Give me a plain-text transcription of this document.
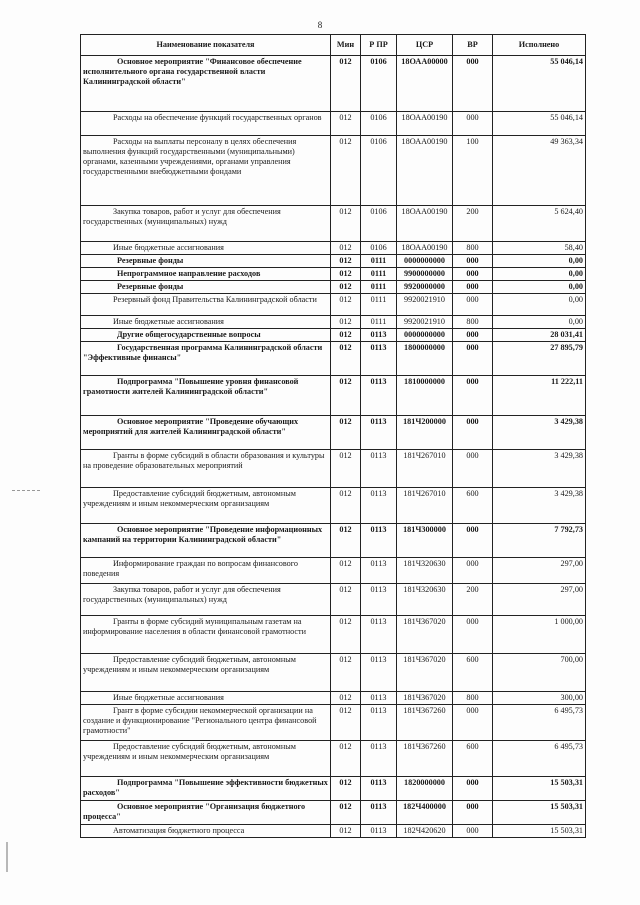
8
Наименование показателя	Мин	Р ПР	ЦСР	ВР	Исполнено
Основное мероприятие "Финансовое обеспечение исполнительного органа государственной власти Калининградской области"	012	0106	18ОАА00000	000	55 046,14
Расходы на обеспечение функций государственных органов	012	0106	18ОАА00190	000	55 046,14
Расходы на выплаты персоналу в целях обеспечения выполнения функций государственными (муниципальными) органами, казенными учреждениями, органами управления государственными внебюджетными фондами	012	0106	18ОАА00190	100	49 363,34
Закупка товаров, работ и услуг для обеспечения государственных (муниципальных) нужд	012	0106	18ОАА00190	200	5 624,40
Иные бюджетные ассигнования	012	0106	18ОАА00190	800	58,40
Резервные фонды	012	0111	0000000000	000	0,00
Непрограммное направление расходов	012	0111	9900000000	000	0,00
Резервные фонды	012	0111	9920000000	000	0,00
Резервный фонд Правительства Калининградской области	012	0111	9920021910	000	0,00
Иные бюджетные ассигнования	012	0111	9920021910	800	0,00
Другие общегосударственные вопросы	012	0113	0000000000	000	28 031,41
Государственная программа Калининградской области "Эффективные финансы"	012	0113	1800000000	000	27 895,79
Подпрограмма "Повышение уровня финансовой грамотности жителей Калининградской области"	012	0113	1810000000	000	11 222,11
Основное мероприятие "Проведение обучающих мероприятий для жителей Калининградской области"	012	0113	181Ч200000	000	3 429,38
Гранты в форме субсидий в области образования и культуры на проведение образовательных мероприятий	012	0113	181Ч267010	000	3 429,38
Предоставление субсидий бюджетным, автономным учреждениям и иным некоммерческим организациям	012	0113	181Ч267010	600	3 429,38
Основное мероприятие "Проведение информационных кампаний на территории Калининградской области"	012	0113	181Ч300000	000	7 792,73
Информирование граждан по вопросам финансового поведения	012	0113	181Ч320630	000	297,00
Закупка товаров, работ и услуг для обеспечения государственных (муниципальных) нужд	012	0113	181Ч320630	200	297,00
Гранты в форме субсидий муниципальным газетам на информирование населения в области финансовой грамотности	012	0113	181Ч367020	000	1 000,00
Предоставление субсидий бюджетным, автономным учреждениям и иным некоммерческим организациям	012	0113	181Ч367020	600	700,00
Иные бюджетные ассигнования	012	0113	181Ч367020	800	300,00
Грант в форме субсидии некоммерческой организации на создание и функционирование "Регионального центра финансовой грамотности"	012	0113	181Ч367260	000	6 495,73
Предоставление субсидий бюджетным, автономным учреждениям и иным некоммерческим организациям	012	0113	181Ч367260	600	6 495,73
Подпрограмма "Повышение эффективности бюджетных расходов"	012	0113	1820000000	000	15 503,31
Основное мероприятие "Организация бюджетного процесса"	012	0113	182Ч400000	000	15 503,31
Автоматизация бюджетного процесса	012	0113	182Ч420620	000	15 503,31
